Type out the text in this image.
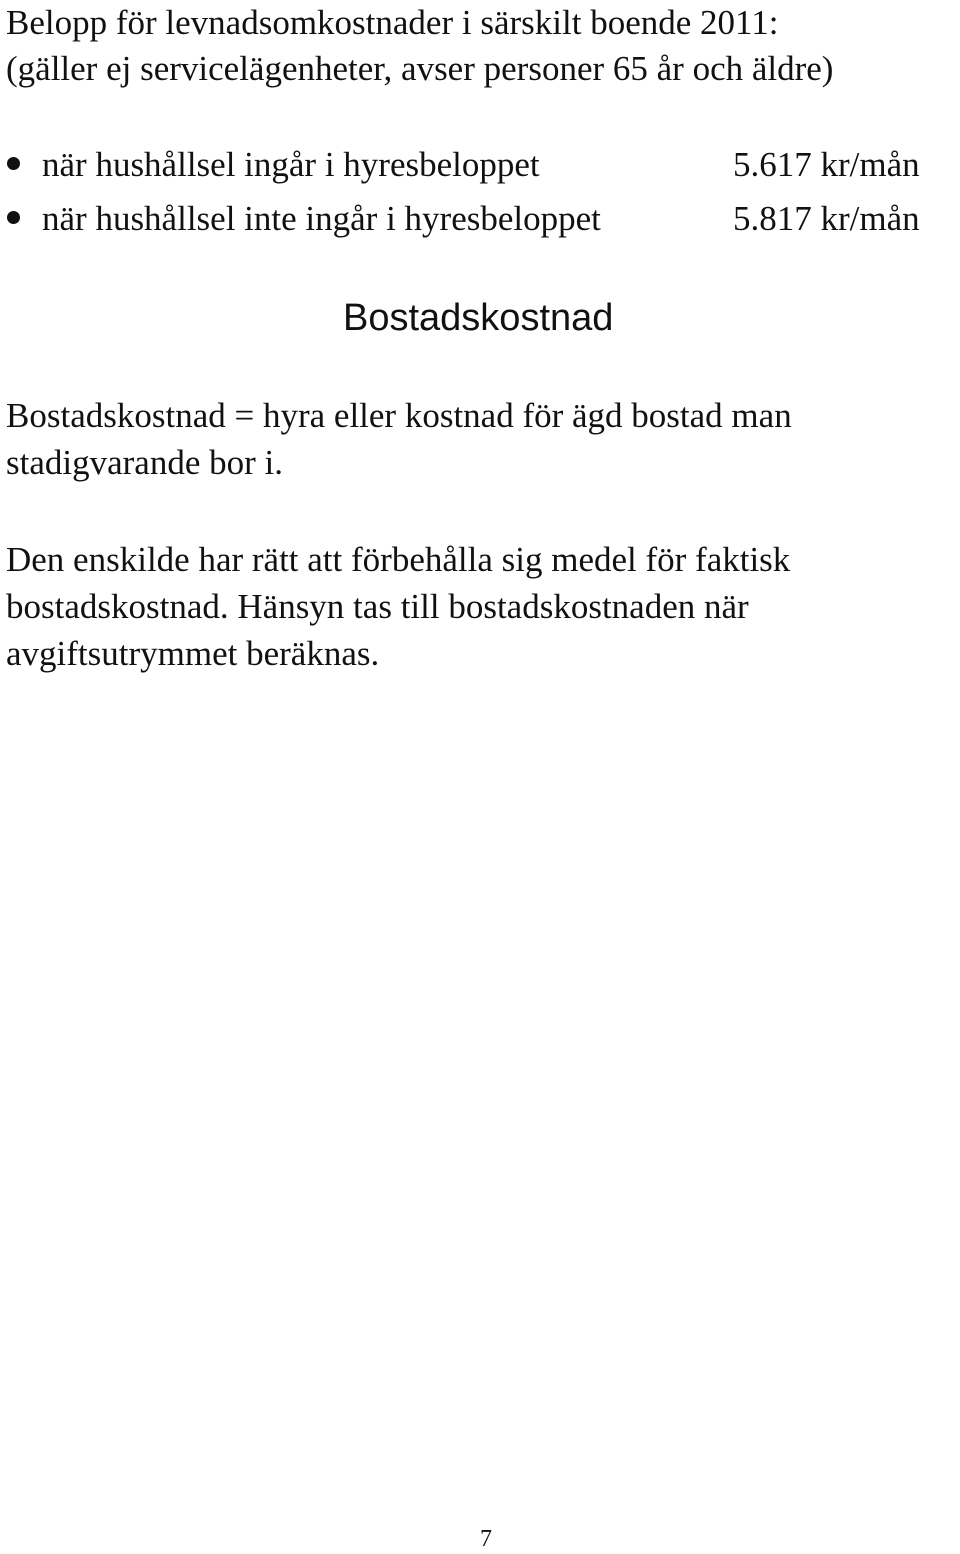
Belopp för levnadsomkostnader i särskilt boende 2011:
(gäller ej servicelägenheter, avser personer 65 år och äldre)
när hushållsel ingår i hyresbeloppet	5.617 kr/mån
när hushållsel inte ingår i hyresbeloppet	5.817 kr/mån
Bostadskostnad

Bostadskostnad = hyra eller kostnad för ägd bostad man stadigvarande bor i.

Den enskilde har rätt att förbehålla sig medel för faktisk bostadskostnad. Hänsyn tas till bostadskostnaden när avgiftsutrymmet beräknas.

7
